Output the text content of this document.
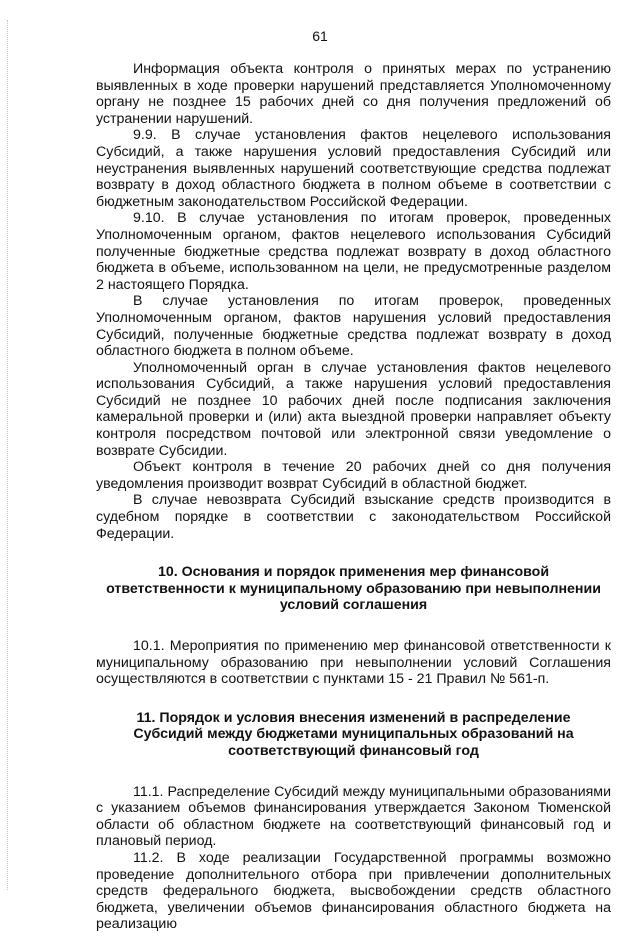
61

Информация объекта контроля о принятых мерах по устранению выявленных в ходе проверки нарушений представляется Уполномоченному органу не позднее 15 рабочих дней со дня получения предложений об устранении нарушений.

9.9. В случае установления фактов нецелевого использования Субсидий, а также нарушения условий предоставления Субсидий или неустранения выявленных нарушений соответствующие средства подлежат возврату в доход областного бюджета в полном объеме в соответствии с бюджетным законодательством Российской Федерации.

9.10. В случае установления по итогам проверок, проведенных Уполномоченным органом, фактов нецелевого использования Субсидий полученные бюджетные средства подлежат возврату в доход областного бюджета в объеме, использованном на цели, не предусмотренные разделом 2 настоящего Порядка.

В случае установления по итогам проверок, проведенных Уполномоченным органом, фактов нарушения условий предоставления Субсидий, полученные бюджетные средства подлежат возврату в доход областного бюджета в полном объеме.

Уполномоченный орган в случае установления фактов нецелевого использования Субсидий, а также нарушения условий предоставления Субсидий не позднее 10 рабочих дней после подписания заключения камеральной проверки и (или) акта выездной проверки направляет объекту контроля посредством почтовой или электронной связи уведомление о возврате Субсидии.

Объект контроля в течение 20 рабочих дней со дня получения уведомления производит возврат Субсидий в областной бюджет.

В случае невозврата Субсидий взыскание средств производится в судебном порядке в соответствии с законодательством Российской Федерации.

10. Основания и порядок применения мер финансовой ответственности к муниципальному образованию при невыполнении условий соглашения

10.1. Мероприятия по применению мер финансовой ответственности к муниципальному образованию при невыполнении условий Соглашения осуществляются в соответствии с пунктами 15 - 21 Правил № 561-п.

11. Порядок и условия внесения изменений в распределение Субсидий между бюджетами муниципальных образований на соответствующий финансовый год

11.1. Распределение Субсидий между муниципальными образованиями с указанием объемов финансирования утверждается Законом Тюменской области об областном бюджете на соответствующий финансовый год и плановый период.

11.2. В ходе реализации Государственной программы возможно проведение дополнительного отбора при привлечении дополнительных средств федерального бюджета, высвобождении средств областного бюджета, увеличении объемов финансирования областного бюджета на реализацию
